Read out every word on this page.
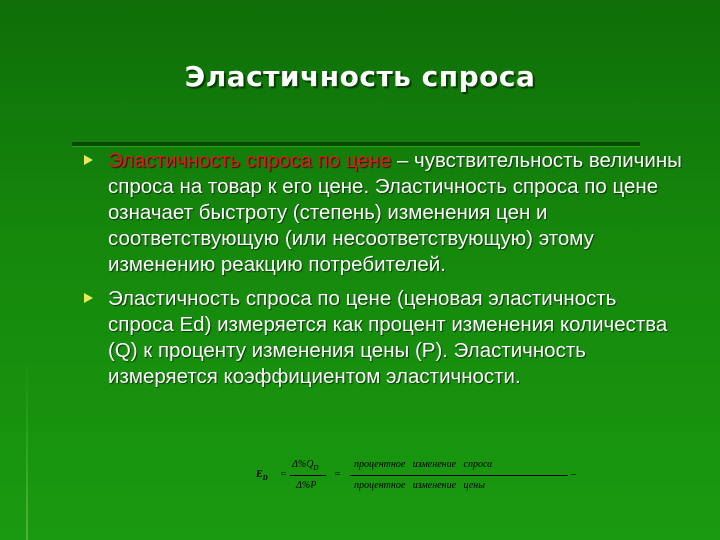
Эластичность спроса
Эластичность спроса по цене – чувствительность величины спроса на товар к его цене. Эластичность спроса по цене означает быстроту (степень) изменения цен и соответствующую (или несоответствующую) этому изменению реакцию потребителей.
Эластичность спроса по цене (ценовая эластичность спроса Ed) измеряется как процент изменения количества (Q) к проценту изменения цены (P). Эластичность измеряется коэффициентом эластичности.
$E_D$ =
$\Delta\%Q_D$
Δ%P
=
процентное   изменение   спроса
процентное   изменение   цены
–
